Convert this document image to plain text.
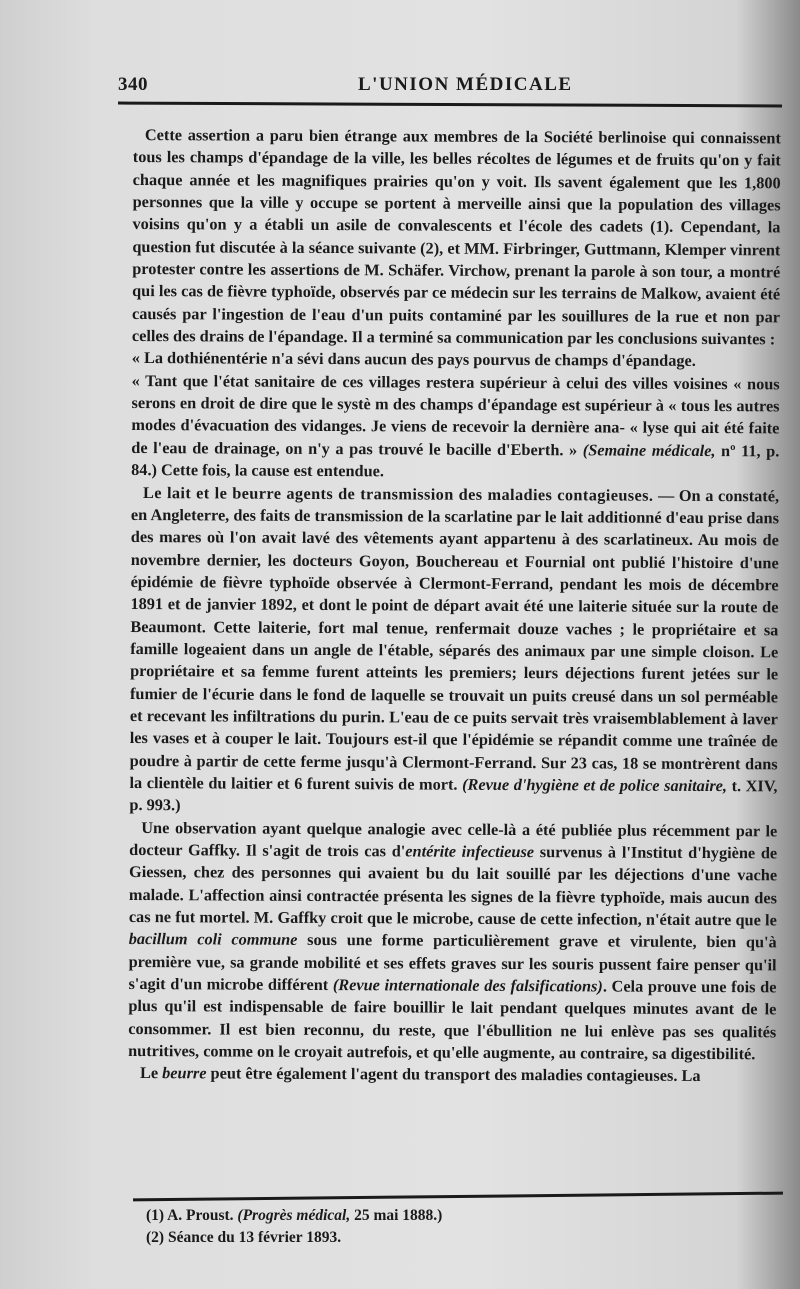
340	L'UNION MÉDICALE

Cette assertion a paru bien étrange aux membres de la Société berlinoise qui connaissent tous les champs d'épandage de la ville, les belles récoltes de légumes et de fruits qu'on y fait chaque année et les magnifiques prairies qu'on y voit. Ils savent également que les 1,800 personnes que la ville y occupe se portent à merveille ainsi que la population des villages voisins qu'on y a établi un asile de convalescents et l'école des cadets (1). Cependant, la question fut discutée à la séance suivante (2), et MM. Firbringer, Guttmann, Klemper vinrent protester contre les assertions de M. Schäfer. Virchow, prenant la parole à son tour, a montré qui les cas de fièvre typhoïde, observés par ce médecin sur les terrains de Malkow, avaient été causés par l'ingestion de l'eau d'un puits contaminé par les souillures de la rue et non par celles des drains de l'épandage. Il a terminé sa communication par les conclusions suivantes :

« La dothiénentérie n'a sévi dans aucun des pays pourvus de champs d'épandage.

« Tant que l'état sanitaire de ces villages restera supérieur à celui des villes voisines « nous serons en droit de dire que le systè m des champs d'épandage est supérieur à « tous les autres modes d'évacuation des vidanges. Je viens de recevoir la dernière ana- « lyse qui ait été faite de l'eau de drainage, on n'y a pas trouvé le bacille d'Eberth. » (Semaine médicale, nº 11, p. 84.) Cette fois, la cause est entendue.

Le lait et le beurre agents de transmission des maladies contagieuses. — On a constaté, en Angleterre, des faits de transmission de la scarlatine par le lait additionné d'eau prise dans des mares où l'on avait lavé des vêtements ayant appartenu à des scarlatineux. Au mois de novembre dernier, les docteurs Goyon, Bouchereau et Fournial ont publié l'histoire d'une épidémie de fièvre typhoïde observée à Clermont-Ferrand, pendant les mois de décembre 1891 et de janvier 1892, et dont le point de départ avait été une laiterie située sur la route de Beaumont. Cette laiterie, fort mal tenue, renfermait douze vaches ; le propriétaire et sa famille logeaient dans un angle de l'étable, séparés des animaux par une simple cloison. Le propriétaire et sa femme furent atteints les premiers; leurs déjections furent jetées sur le fumier de l'écurie dans le fond de laquelle se trouvait un puits creusé dans un sol perméable et recevant les infiltrations du purin. L'eau de ce puits servait très vraisemblablement à laver les vases et à couper le lait. Toujours est-il que l'épidémie se répandit comme une traînée de poudre à partir de cette ferme jusqu'à Clermont-Ferrand. Sur 23 cas, 18 se montrèrent dans la clientèle du laitier et 6 furent suivis de mort. (Revue d'hygiène et de police sanitaire, t. XIV, p. 993.)

Une observation ayant quelque analogie avec celle-là a été publiée plus récemment par le docteur Gaffky. Il s'agit de trois cas d'entérite infectieuse survenus à l'Institut d'hygiène de Giessen, chez des personnes qui avaient bu du lait souillé par les déjections d'une vache malade. L'affection ainsi contractée présenta les signes de la fièvre typhoïde, mais aucun des cas ne fut mortel. M. Gaffky croit que le microbe, cause de cette infection, n'était autre que le bacillum coli commune sous une forme particulièrement grave et virulente, bien qu'à première vue, sa grande mobilité et ses effets graves sur les souris pussent faire penser qu'il s'agit d'un microbe différent (Revue internationale des falsifications). Cela prouve une fois de plus qu'il est indispensable de faire bouillir le lait pendant quelques minutes avant de le consommer. Il est bien reconnu, du reste, que l'ébullition ne lui enlève pas ses qualités nutritives, comme on le croyait autrefois, et qu'elle augmente, au contraire, sa digestibilité.

Le beurre peut être également l'agent du transport des maladies contagieuses. La

(1) A. Proust. (Progrès médical, 25 mai 1888.)
(2) Séance du 13 février 1893.
